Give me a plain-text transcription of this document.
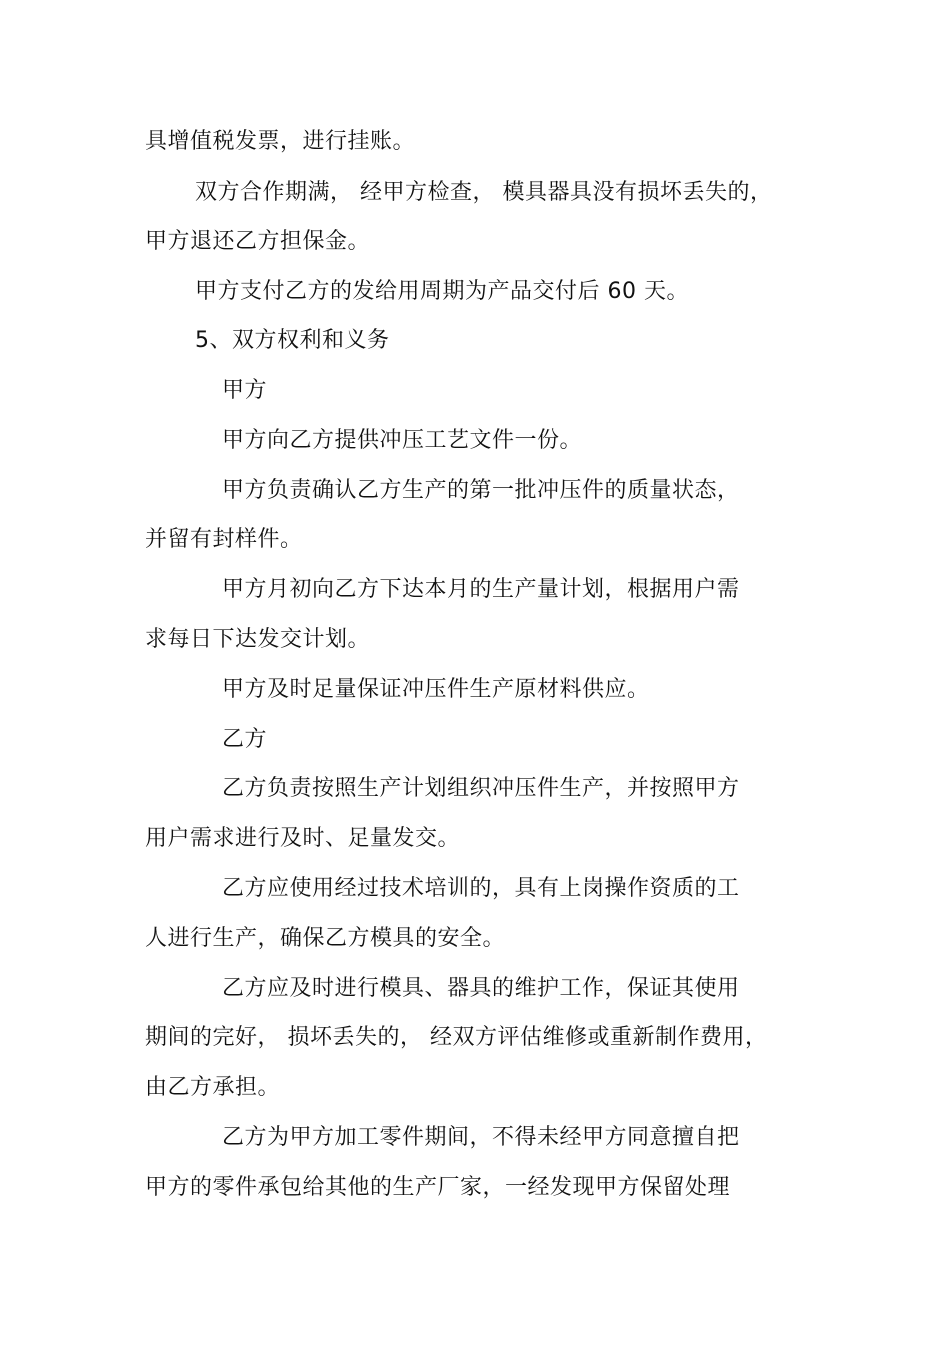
具增值税发票，进行挂账。
双方合作期满， 经甲方检查， 模具器具没有损坏丢失的，
甲方退还乙方担保金。
甲方支付乙方的发给用周期为产品交付后 60 天。
5、双方权利和义务
甲方
甲方向乙方提供冲压工艺文件一份。
甲方负责确认乙方生产的第一批冲压件的质量状态，
并留有封样件。
甲方月初向乙方下达本月的生产量计划，根据用户需
求每日下达发交计划。
甲方及时足量保证冲压件生产原材料供应。
乙方
乙方负责按照生产计划组织冲压件生产，并按照甲方
用户需求进行及时、足量发交。
乙方应使用经过技术培训的，具有上岗操作资质的工
人进行生产，确保乙方模具的安全。
乙方应及时进行模具、器具的维护工作，保证其使用
期间的完好， 损坏丢失的， 经双方评估维修或重新制作费用，
由乙方承担。
乙方为甲方加工零件期间，不得未经甲方同意擅自把
甲方的零件承包给其他的生产厂家，一经发现甲方保留处理
